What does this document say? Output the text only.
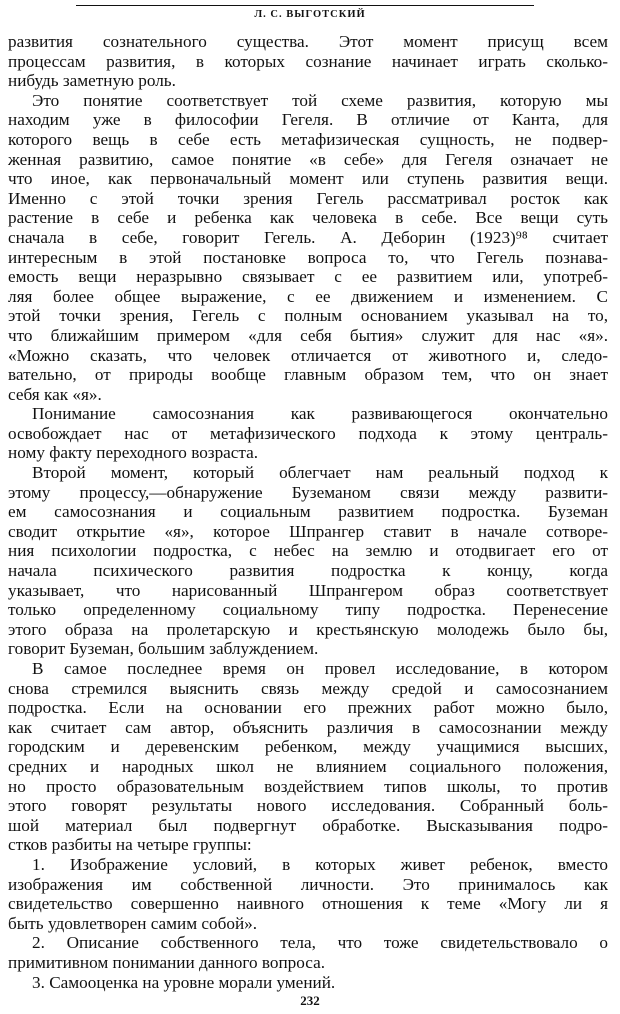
Л. С. ВЫГОТСКИЙ
развития сознательного существа. Этот момент присущ всем
процессам развития, в которых сознание начинает играть сколько-
нибудь заметную роль.
Это понятие соответствует той схеме развития, которую мы
находим уже в философии Гегеля. В отличие от Канта, для
которого вещь в себе есть метафизическая сущность, не подвер-
женная развитию, самое понятие «в себе» для Гегеля означает не
что иное, как первоначальный момент или ступень развития вещи.
Именно с этой точки зрения Гегель рассматривал росток как
растение в себе и ребенка как человека в себе. Все вещи суть
сначала в себе, говорит Гегель. А. Деборин (1923)⁹⁸ считает
интересным в этой постановке вопроса то, что Гегель познава-
емость вещи неразрывно связывает с ее развитием или, употреб-
ляя более общее выражение, с ее движением и изменением. С
этой точки зрения, Гегель с полным основанием указывал на то,
что ближайшим примером «для себя бытия» служит для нас «я».
«Можно сказать, что человек отличается от животного и, следо-
вательно, от природы вообще главным образом тем, что он знает
себя как «я».
Понимание самосознания как развивающегося окончательно
освобождает нас от метафизического подхода к этому централь-
ному факту переходного возраста.
Второй момент, который облегчает нам реальный подход к
этому процессу,—обнаружение Буземаном связи между развити-
ем самосознания и социальным развитием подростка. Буземан
сводит открытие «я», которое Шпрангер ставит в начале сотворе-
ния психологии подростка, с небес на землю и отодвигает его от
начала психического развития подростка к концу, когда
указывает, что нарисованный Шпрангером образ соответствует
только определенному социальному типу подростка. Перенесение
этого образа на пролетарскую и крестьянскую молодежь было бы,
говорит Буземан, большим заблуждением.
В самое последнее время он провел исследование, в котором
снова стремился выяснить связь между средой и самосознанием
подростка. Если на основании его прежних работ можно было,
как считает сам автор, объяснить различия в самосознании между
городским и деревенским ребенком, между учащимися высших,
средних и народных школ не влиянием социального положения,
но просто образовательным воздействием типов школы, то против
этого говорят результаты нового исследования. Собранный боль-
шой материал был подвергнут обработке. Высказывания подро-
стков разбиты на четыре группы:
1. Изображение условий, в которых живет ребенок, вместо
изображения им собственной личности. Это принималось как
свидетельство совершенно наивного отношения к теме «Могу ли я
быть удовлетворен самим собой».
2. Описание собственного тела, что тоже свидетельствовало о
примитивном понимании данного вопроса.
3. Самооценка на уровне морали умений.
232
